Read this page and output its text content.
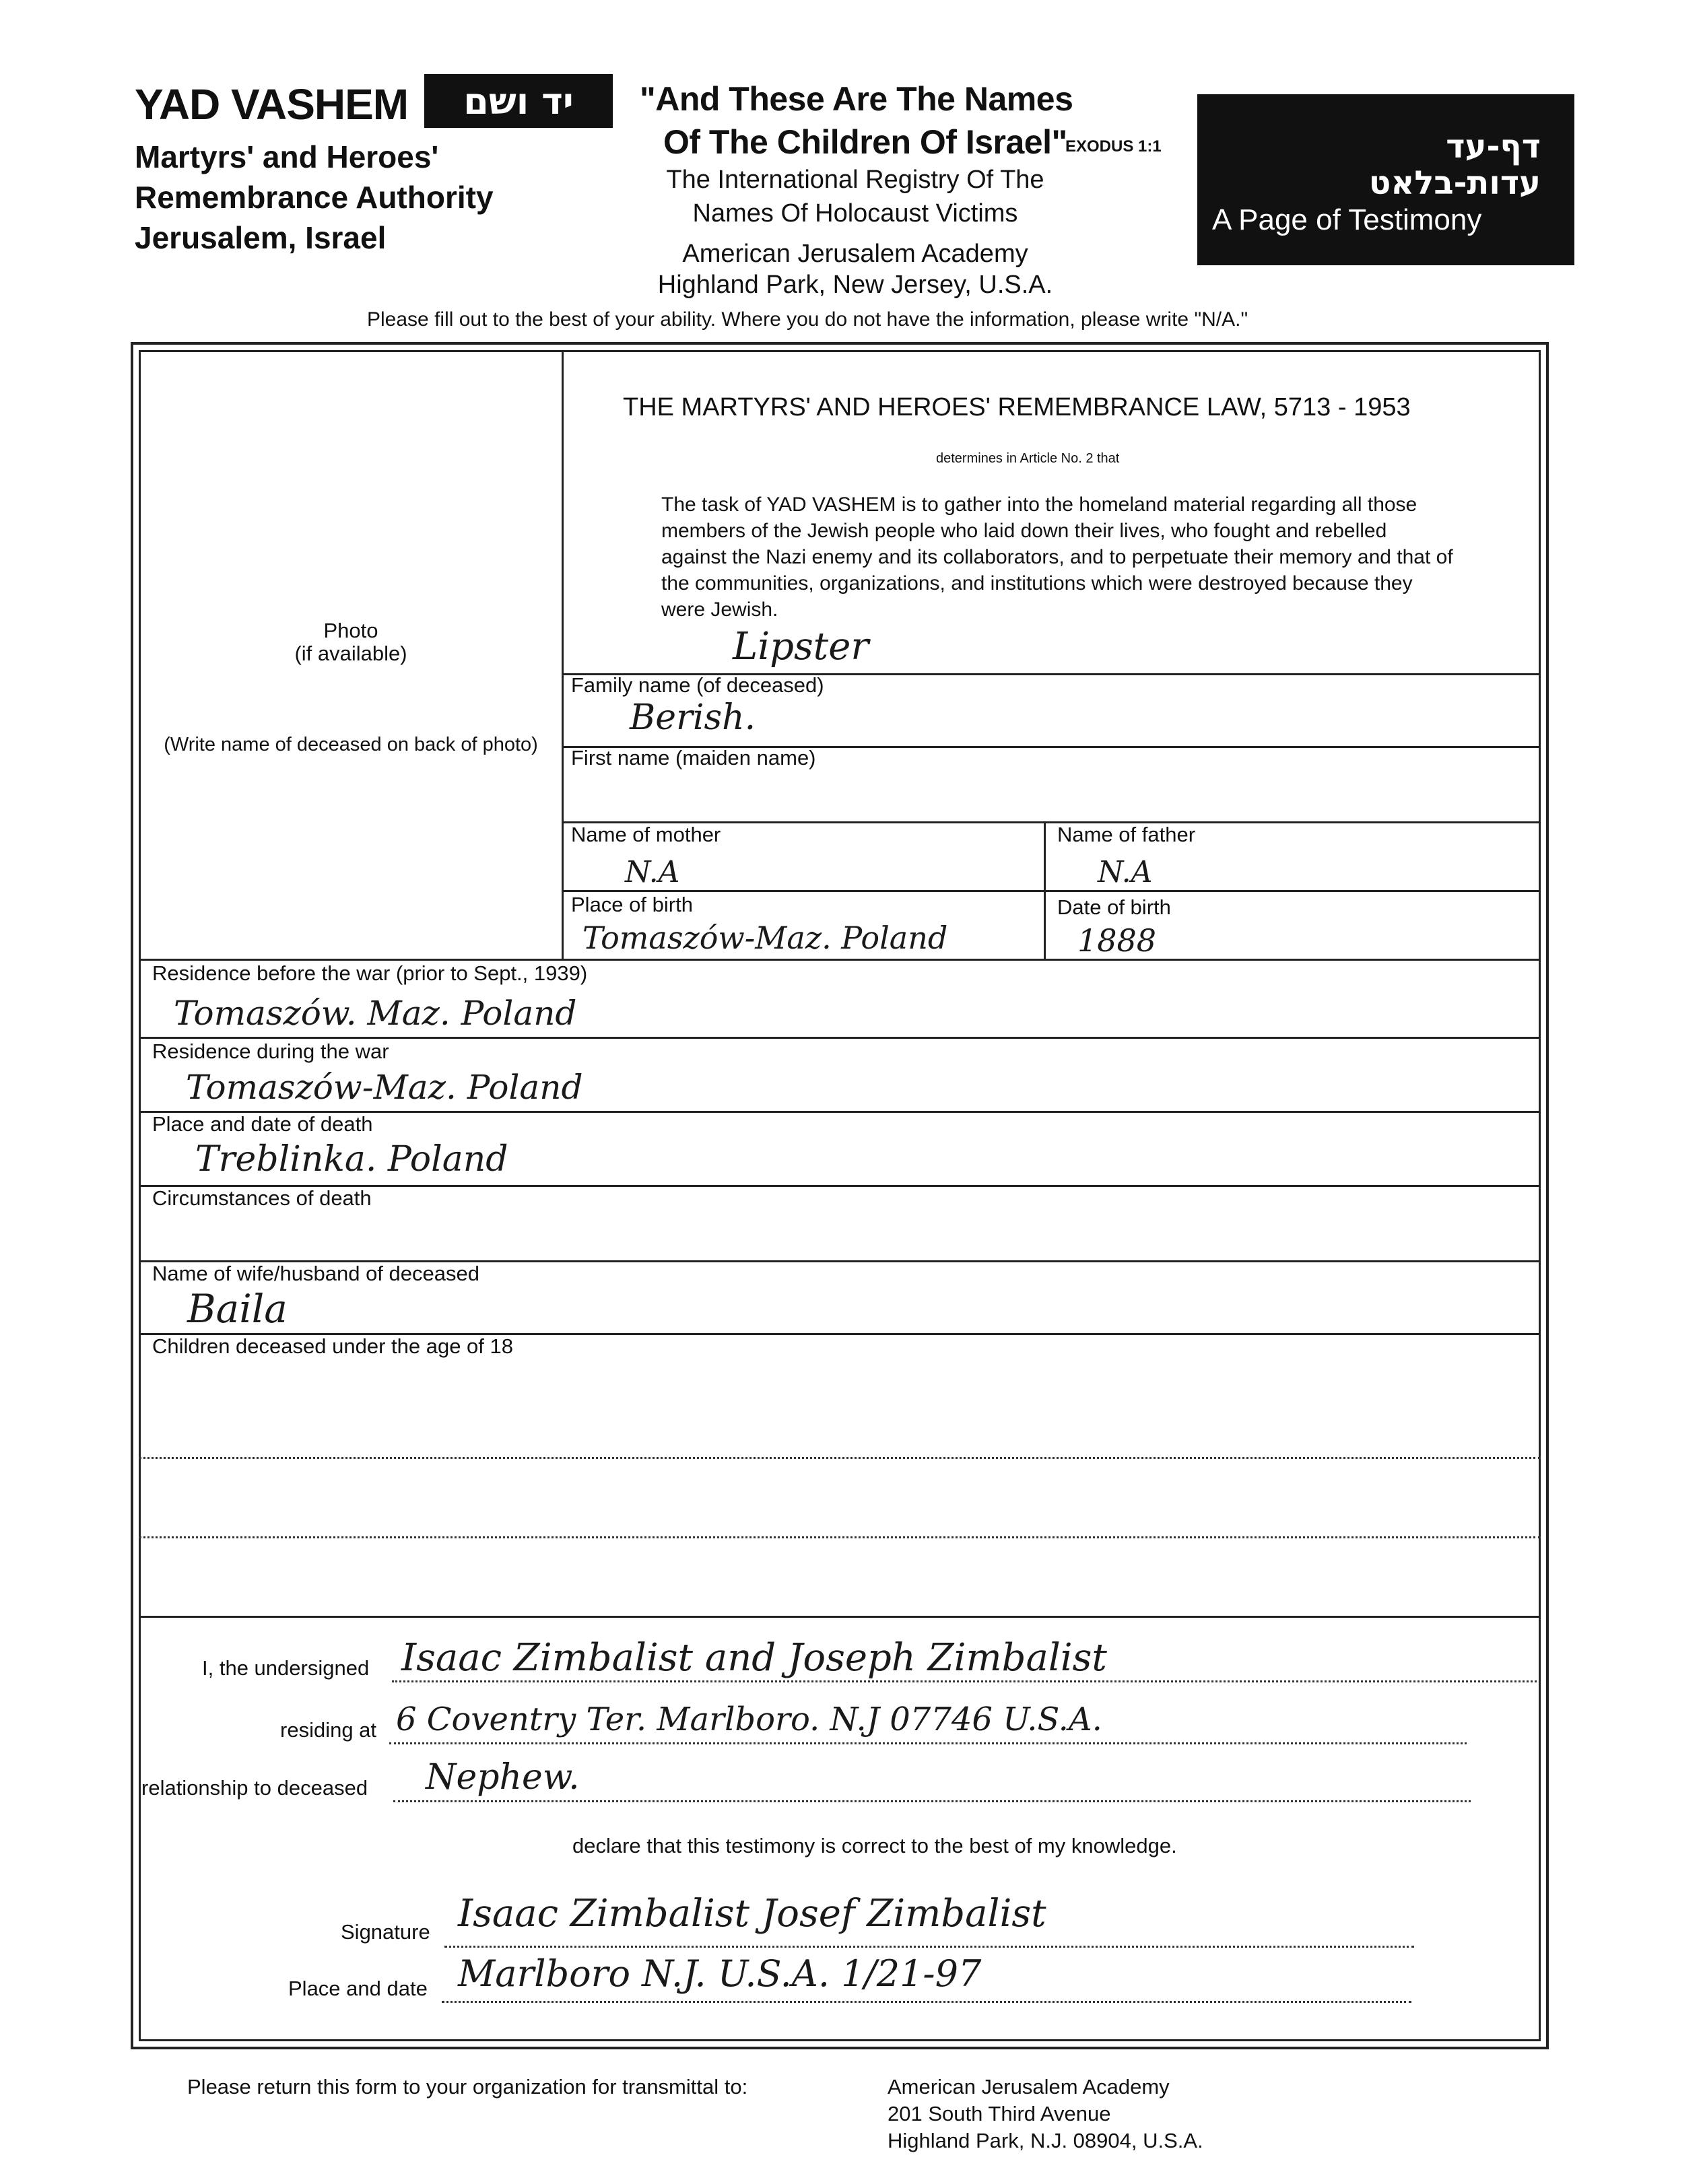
YAD VASHEM	יד ושם
Martyrs' and Heroes'
Remembrance Authority
Jerusalem, Israel
"And These Are The Names
Of The Children Of Israel"
EXODUS 1:1
The International Registry Of The
Names Of Holocaust Victims
American Jerusalem Academy
Highland Park, New Jersey, U.S.A.
דף-עד
עדות-בלאט
A Page of Testimony
Please fill out to the best of your ability. Where you do not have the information, please write "N/A."
THE MARTYRS' AND HEROES' REMEMBRANCE LAW, 5713 - 1953
determines in Article No. 2 that
The task of YAD VASHEM is to gather into the homeland material regarding all those members of the Jewish people who laid down their lives, who fought and rebelled against the Nazi enemy and its collaborators, and to perpetuate their memory and that of the communities, organizations, and institutions which were destroyed because they were Jewish.
Photo
(if available)
(Write name of deceased on back of photo)
Lipster
Family name (of deceased)
Berish.
First name (maiden name)
Name of mother
N.A
Name of father
N.A
Place of birth
Tomaszów-Maz. Poland
Date of birth
1888
Residence before the war (prior to Sept., 1939)
Tomaszów. Maz. Poland
Residence during the war
Tomaszów-Maz. Poland
Place and date of death
Treblinka. Poland
Circumstances of death
Name of wife/husband of deceased
Baila
Children deceased under the age of 18
I, the undersigned Isaac Zimbalist and Joseph Zimbalist
residing at 6 Coventry Ter. Marlboro. N.J 07746 U.S.A.
relationship to deceased Nephew.
declare that this testimony is correct to the best of my knowledge.
Signature Isaac Zimbalist Josef Zimbalist
Place and date Marlboro N.J. U.S.A. 1/21-97
Please return this form to your organization for transmittal to:	American Jerusalem Academy
201 South Third Avenue
Highland Park, N.J. 08904, U.S.A.
